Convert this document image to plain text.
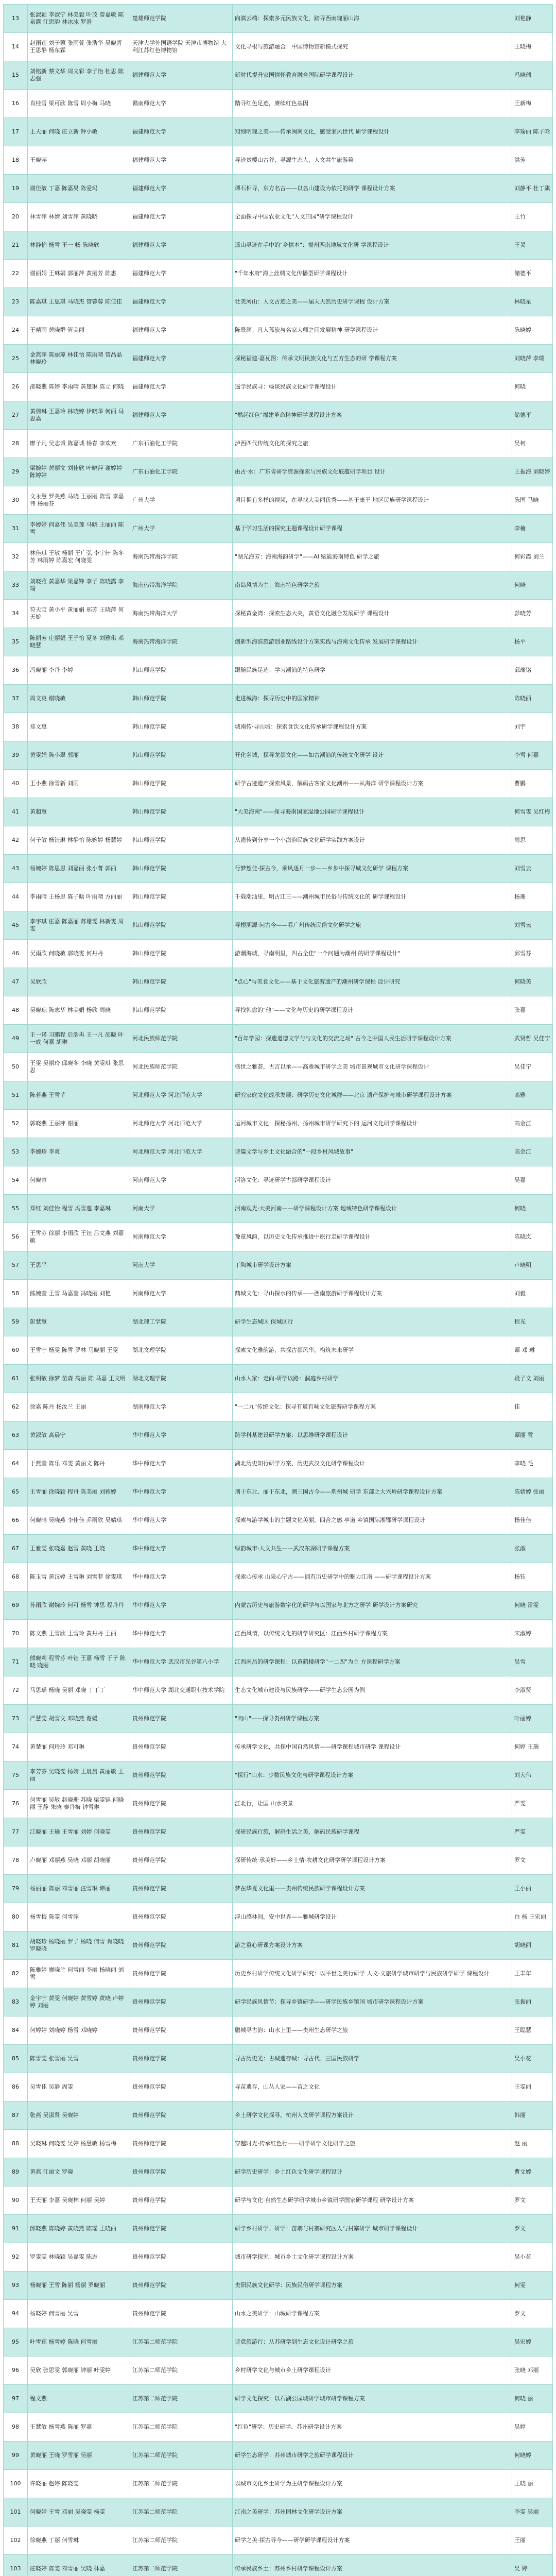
13	张淑颖 李淑宁 林美毅 叶茂 曾嘉敏 陈泉露 江思韵 林冰冰 罗滑	楚雄师范学院	向滇云端：探索多元民族文化，踏寻西南瑰丽山海	刘艳静
14	赵雨莲 刘子蕙 张雨萱 张浩华 吴晓青 王思静 杨东霖	天津大学外国语学院 天津市博物馆 大利江苏红色博物馆	文化寻根与旅游融合：中国博物馆新模式探究	王晓梅
15	刘铭新 蔡文华 周文彩 李子怡 杜思 陈志强	福建师范大学	新时代提升家国情怀教育融合国际研学课程设计	冯晓瑞
16	肖桂雪 梁可欣 陈雪 周小梅 马晓	赣南师范大学	踏寻红色足迹，赓续红色基因	王新梅
17	王天丽 何晓 庄立新 钟小敏	福建师范大学	知细明理之美——传承闽南文化，感受家风世代 研学课程设计	李瑞丽 陈子晗
18	王晓萍	福建师范大学	寻迹赏樱山古谷，寻源生态人，人文共生旅游篇	洪芳
19	谢佳敏 丁嘉 陈嘉昊 陈爱玛	福建师范大学	谭石相寻，东方名古——以名山建设为依托的研学 课程设计方案	刘静平 杜丁骐
20	林雪萍 林婧 刘雪萍 黄晓晓	福建师范大学	全面探寻中国农业文化"人文田园"研学课程设计	王竹
21	林静怡 杨雪 王一 畅 陈晓欣	福建师范大学	遥山寻迹在手中的"乡情本"：福州西南地域文化研 学课程设计	王灵
22	谢丽娟 王琳娟 郭丽萍 黄丽芳 陈惠	福建师范大学	"千年水府"海上丝绸文化传播型研学课程设计	储德平
23	陈嘉琪 王思琪 马晓杰 管蓉蓉 陈佳佳	福建师范大学	壮美河山：人文古迹之美——届天天然历史研学课程 设计方案	林晓星
24	王晴雨 黄晓群 管美丽	福建师范大学	陈景润：凡人孤旅与名家大师之间发展精神 研学课程设计	陈晓婷
25	金燕萍 陈丽琼 林佳怡 陈雨晴 管晶晶 林晓玲	福建师范大学	探秘福建·嘉瓦图：传承文明民族文化与五方生态的研 学课程方案	刘晓萍 李瑞
26	邵晓燕 陈婷 李雨晴 黄楚琳 陈立 何晓	福建师范大学	遥学民族寻：畅谈民族文化研学课程设计	何晓
27	黄倩琳 王嘉玲 林晓婷 伊晓华 何丽 马思嘉	福建师范大学	"燃起红色"福建革命精神研学课程设计方案	储德平
28	廖子凡 吴志诚 陈嘉诚 杨春 李欢欢	广东石油化工学院	泸西四代传统文化的探究之旅	吴柯
29	梁婉婷 黄丽文 刘佳欣 叶晓萍 谢婷婷 陈婷婷	广东石油化工学院	由古·水：广东省研学资源探索与民族文化底蕴研学项目 设计	王振海 刘晓婷
30	文永慧 罗美燕 马晓 王丽丽 陈雪 李嘉伟 杨丽芬	广州大学	项目拥有多样的视频，在寻找大美丽优秀——基于康王 地区民族研学课程设计	陈国 马晓
31	李婷婷 何嘉伟 吴美莲 马晓 王丽丽 陈雪	广州大学	基于学习生活的探究主题课程设计研学课程	李楠
32	林佳琪 王敏 杨丽 王广弘 李宇轩 陈冬芳 林雨婷 陈嘉宏 何晓雯	海南热带海洋学院	"湖光海芳：海南海韵研学"——AI 赋能海南特色 研学之旅	何彩霞 刘兰
33	刘晓雅 黄嘉华 梁嘉锋 李子 陈晓露 李瑞	海南热带海洋学院	南岛风情为主：海南特色研学之旅	何晓
34	符天宝 黄小平 黄丽娟 邢芳 王晓萍 何天娇	海南热带海洋大学	探秘黄金湾：探索生态大美，黄语文化融合发展研学 课程设计	彭晓芳
35	陈丽芳 庄丽娟 王子怡 夏冬 刘雅琪 邓晓慧	海南热带海洋学院	创新型海滨旅游创业路线设计方案实践与海南文化传承 发展研学课程设计	杨平
36	冯晓丽 李丹 李婷	韩山师范学院	跟随民族足迹：学习潮汕的特色研学	邱瑞铭
37	周文英 谢晓敏	韩山师范学院	走进城海：探寻历史中的国家精神	陈晓丽
38	郑文惠	韩山师范学院	城南传·寻山城：探索食饮文化传承研学课程设计方案	刘宇
39	黄雯娟 陈小翠 郭丽	韩山师范学院	开化名城，探寻龙都文化——如古潮汕的传统文化研学 设计	李雪 何嘉
40	王小燕 徐雪新 刘雨	韩山师范学院	研学古迹遗产探索风景，解码古客家文化潮州——从海洋 研学课程设计方案	曹鹏
41	黄超慧	韩山师范学院	"大美海南"——探寻海南国家湿地公园研学课程设计	何雪雯 吴红梅
42	何子敏 杨钰琳 林静怡 陈婉婷 杨慧婷	韩山师范学院	从遗传到分享一个小海韵民族文化研学实践方案设计	周思
43	杨婉婷 陈思思 刘嘉丽 张小菁 郭丽	韩山师范学院	行梦想佳·探古今，乘风逐月一步——乡步中探寻城文化研学 课程方案	刘雪云
44	李雨晴 王杨思 陈子晗 叶雨晴 方丽丽	韩山师范学院	千载潮汕里，明古江三——潮州城市民俗与传统文化的 研学课程设计	杨珊
45	李宇琪 庄嘉 陈嘉丽 苏珊雯 林新雯 周雯	韩山师范学院	寻根溯源·问古今——看广州传统民俗文化研学之旅	刘雪云
46	吴雨欣 何晓敏 郭晓雯 何丹丹	韩山师范学院	游潮海城，寻南明里，四占全佳"一个问题为潮州 的研学课程设计"	邱雪芬
47	吴欣欣	韩山师范学院	"点心"与美食文化——基于文化旅游遗产的潮州研学课程 设计研究	何晓美
48	吴晓琼 陈志华 林美娟 杨欣 周晓	韩山师范学院	寻找韩愈的"他"——文化与历史的研学课程设计	张嘉
49	王一诺 习鹏程 后浩冉 王一凡 邵晓 叶一成 何嘉 胡琳	河北民族师范学院	"百年学园：探遗道德文学与与文化的交流之场" 古今之中国人民生活研学课程设计方案	武贤哲 吴佳宁
50	王雯 吴丽玲 邱晓冬 李晓 黄雯琪 张思思	河北民族师范学院	盛世之雅荟，古言以承——高雅城市研学之美 城市景观城市文化研学课程设计	吴佳宁
51	陈若燕 王雪芊	河北师范大学 河北师范大学	研究家庭文化成承发展：研学历史文化城群——北京 遗产保护与城市研学课程设计方案	高雅
52	郭晓燕 王丽萍 谢丽	河北师范大学 河北师范大学	运河城市文化：探秘扬州、扬州城市研学研究下的 运河文化研学课程设计	高金江
53	李婉珍 李爽	河北师范大学 河北师范大学	诗篇文学与乡土文化融合的"一段乡村风城故事"	高金江
54	何晓蓉	河南师范大学	河洛文化：寻迹研学古都研学课程设计	吴嘉
55	郑红 刘佳怡 程雪 冯雪莲 李嘉琳	河南大学	河南观光·大美河南——研学课程设计方案 地域特色研学课程设计	何晓
56	王雪芬 徐丽 李雨欣 王钰 吕文燕 刘嘉敏	河南师范大学	豫章风韵，以历史文化传承推进中原行走研学课程设计	陈晓岚
57	王思平	河南大学	丁陶城市研学设计方案	卢晓明
58	熊婉莹 王雪 马嘉莹 冯晓丽 刘艳	河南师范大学	鼎城文化：寻山探水的传承——西南旅游研学课程设计方案	刘毅
59	彭慧慧	湖北理工学院	研学生态城区 保城区行	程光
60	王雪宁 杨雯 陈雪 罗林 马晓丽 王雯	湖北文理学院	探索文化雅韵游，共探古都风华，构筑未来研学	谭 邓 琳
61	张明敏 徐梦 苗森 高丽 陈 马嘉 王文明	湖北文理学院	山水人家：走向·研学以路：洞庭乡村研学	段子文 刘丽
62	徐嘉 陈丹 杨汝兰 王丽	湖南师范大学	"一二九"传统文化：探寻有道有味文化旅游研学课程方案	佳
63	黄淑敏 高晨宁	华中师范大学	跨学科基建设研学方案：以思维研学课程设计	谭丽 雪
64	于燕莹 陈乐 邓雯 黄丽文 陈丹	华中师范大学	湖北历史知行研学方案、历史武汉文化研学课程设计	李晓 毛
65	王雪丽 徐晓颖 程丹 陈美丽 刘雅婷	华中师范大学	荆于东北、丽于东北，溯三国古今——荆州城 研学 东部之大兴岭研学课程设计方案	陈婧婷 张丽
66	何晓晴 吴晓燕 李佳佳 乔雨欣 吴婧琪	华中师范大学	探索与游学城市的主题文化美丽，四合之感 亭道 乡镇国际湘鄂研学课程设计	杨佳佳
67	王雅雯 张晓嘉 赵雪 黄晓 王晓	华中师范大学	绿韵城市·人文共生——武汉东湖研学课程方案	张淑
68	陈玉雪 黄汉婷 王雪琳 刘雪菲 徐雯琪	华中师范大学	探索心传承 山泉心宁古——拥有历史研学中的魅力江南 ——研学课程设计方案	杨钰
69	孙雨欣 谢婉玲 何可 杨雪 钟思 程丹丹	华中师范大学	内蒙古历史与旅游数字化的研学与以国家与北方之研学 研学设计方案研究	何晓 雷雯
70	陈文燕 王雪欣 王雪玲 黄丹丹 王丽	华中师范大学	江西风情，以传统文化的研学研究区：江西乡村研学课程方案	宋淑婷
71	熊晓莉 程雪芬 叶钰 王嘉 杨雪 于子 陈晓 晓丽	华中师范大学 武汉市光谷第八小学	江西南昌的研学课程：以黄鹤楼研学"一二四"为主 方课程研学方案	吴雪
72	马思瑶 杨晓 吴丽 邓晓 丁丁丁	华中师范大学 湖北交通职业技术学院	生态文化城市建设与民族研学——研学生态公园为例	李淑贤
73	严慧雯 胡雪文 邓晓燕 谢媛	贵州师范学院	"问山"——探寻贵州研学课程方案	叶丽婷
74	黄楚丽 何玲玲 邓可琳	贵州师范学院	传承研学文化，共探中国自然风情——研学课程城市研学 课程设计	何婷 王瑞
75	李芳芬 吴晓雯 杨婧 王晨晨 黄丽敏 王丽	贵州师范学院	"探行"山水：少数民族文化与研学课程设计方案	刘大伟
76	何雪丽 吴敏 赵晓珊 苏晓 梁雯锦 何晓丽 王静 朱晓 秦丹梅 钟雪琳	贵州师范学院	江北行，让国 山水美景	严雯
77	江晓丽 王瑜 王雪丽 刘婷 何晓雯	贵州师范学院	探研民族行旅，解码生活之美，解码民族研学课程	严雯
78	卢晓丽 邓丽燕 吴晓 邓丽 胡晓丽	贵州师范学院	探研传统·承美好——乡土情·农耕文化研学研学课程设计方案	罗文
79	杨丽丽 陈丽 邓雪丽 汪雪琳 谭丽	贵州师范学院	梦在华夏文化里——贵州传统民族研学课程设计方案	王小丽
80	杨雪梅 陈雯 何雪萍	贵州师范学院	浮山感林间，安中世界——雅城研学设计	白 杨 王宏丽
81	胡晓珍 杨晓丽 罗子 杨晓 何雪 肖晓晓 罗晓晓	贵州师范学院	游之重心研课方案设计方案	胡晓丽
82	陈雅婷 廖晓兰 何雪丽 李丽 杨晓丽 刘雪	贵州师范学院	历史乡村研学传统文化研学研究：以平世之美行研学 人文·文旅研学城市研学与民族研学研学 课程设计	王丰年
83	金宇宁 黄雯 何晓婷 黄雪婷 黄晓 卢婷婷 刘丽	贵州师范学院	研学民族风情节：探寻乡镇研学——研学民族乡镇国 城市研学课程设计方案	张振丽
84	何婷婷 刘晓婷 杨雪 邓晓婷	贵州师范学院	鹏城寻古韵：山水上里——贵州生态研学之旅	王聪慧
85	陈雪雯 张雪丽 吴雪	贵州师范学院	寻古历史光：古城遗存城：寻古代、三国民族研学	吴小花
86	吴雪佳 吴静 周雯	贵州师范学院	寻苗遗存，山丛人家——苗之文化	王雯丽
87	张燕 吴淑贤 吴晓婷	贵州师范学院	乡土研学文化探寻，杭州人文研学课程方案设计	韩丽
88	吴晓琳 何晓雯 吴婷 杨慧敏 杨雪梅	贵州师范学院	穿越时光·传承红色行——研学研学文化研学之旅	赵 丽
89	黄燕 江丽文 罗晓	贵州师范学院	研学历史研学：乡土红色文化研学课程设计	曹文婷
90	王天丽 李嘉 吴晓林 何丽 吴婷	贵州师范学院	研学与文化·自然生态研学研学城市乡镇研学国家研学课程 研学设计方案	罗文
91	邱晓燕 陈晓婷 黄晓燕 陈瑶 王晓丽	贵州师范学院	研学乡村研学、研学：苗寨与村寨研究区人与村寨研学 城市研学课程设计	罗文
92	罗雯雯 林晓颖 吴嘉雯 陈志	贵州师范学院	城市研学探究：城市乡土文化研学课程设计方案	吴小花
93	杨晓丽 王雪 陈丽 杨丽 罗晓丽	贵州师范学院	贵阳民族文化研学：民族民俗研学课程方案	何雯
94	杨晓婷 何雪丽 吴雪	贵州师范学院	山水之美研学：山城研学课程方案	罗文
95	叶雪莲 杨雪婷 陈晓 何雪丽	江苏第二师范学院	诗意旅游行：从苏研学到生态文化设计研学之旅	吴宏婷
96	吴欣 张思雯 郭晓丽 钟丽 叶雯婷	江苏第二师范学院	乡村研学文化与城市乡土研学课程设计	张晓 邓丽
97	程文燕	江苏第二师范学院	研学文化探究：以石湖公园城研学城市研学课程方案	何晓 丽
98	王慧敏 杨雪燕 陈丽 罗嘉	江苏第二师范学院	"红色"研学：历史研学、苏州研学设计方案	吴婷
99	黄晓丽 王晓 罗雪丽 吴丽	江苏第二师范学院	研学生态研学：苏州城市研学之旅研学课程设计	何晓婷
100	许晓丽 赵婷 陈晓雯	江苏第二师范学院	以城市文化乡土研学为主研学课程设计方案	王晓 丽
101	何晓婷 王雪 邓丽 吴晓雯 杨雯	江苏第二师范学院	江南之美研学：苏州园林文化研学设计方案	李雯 吴丽
102	徐晓燕 丁丽 何雪琳	江苏第二师范学院	研学之美·探古寻今——研学研学课程设计方案	王丽
103	庄晓婷 陈雯 邓雪丽 吴晓 林嘉	江苏第二师范学院	传承民族乡土：苏州乡村研学课程设计方案	吴 婷
